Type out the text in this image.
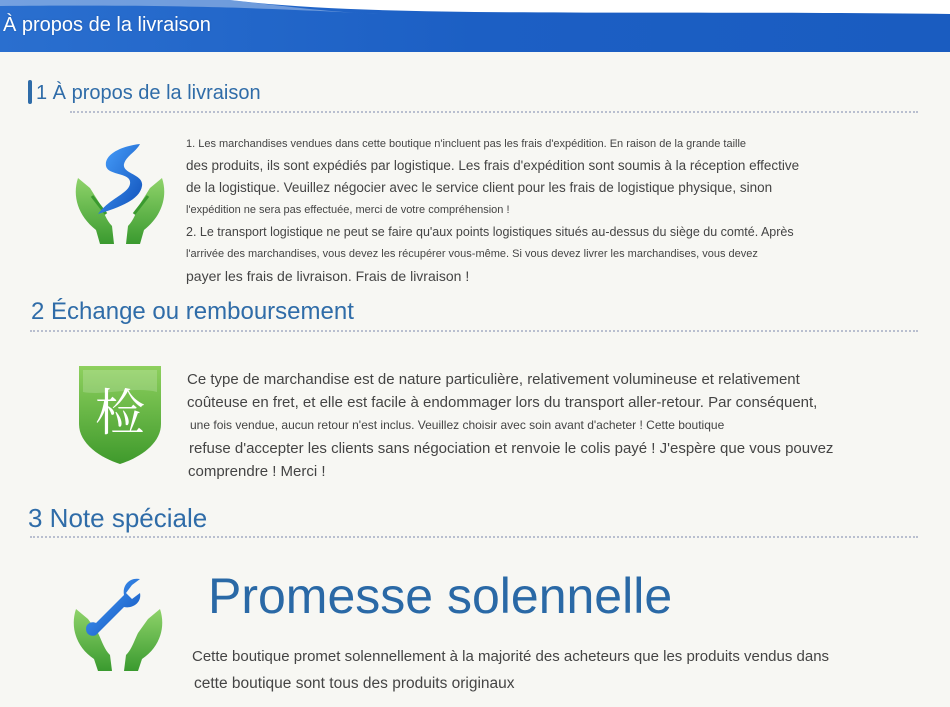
À propos de la livraison
1 À propos de la livraison
1. Les marchandises vendues dans cette boutique n'incluent pas les frais d'expédition. En raison de la grande taille
des produits, ils sont expédiés par logistique. Les frais d'expédition sont soumis à la réception effective
de la logistique. Veuillez négocier avec le service client pour les frais de logistique physique, sinon
l'expédition ne sera pas effectuée, merci de votre compréhension !
2. Le transport logistique ne peut se faire qu'aux points logistiques situés au-dessus du siège du comté. Après
l'arrivée des marchandises, vous devez les récupérer vous-même. Si vous devez livrer les marchandises, vous devez
payer les frais de livraison. Frais de livraison !
2 Échange ou remboursement
检
Ce type de marchandise est de nature particulière, relativement volumineuse et relativement
coûteuse en fret, et elle est facile à endommager lors du transport aller-retour. Par conséquent,
une fois vendue, aucun retour n'est inclus. Veuillez choisir avec soin avant d'acheter ! Cette boutique
refuse d'accepter les clients sans négociation et renvoie le colis payé ! J'espère que vous pouvez
comprendre ! Merci !
3 Note spéciale
Promesse solennelle
Cette boutique promet solennellement à la majorité des acheteurs que les produits vendus dans
cette boutique sont tous des produits originaux
